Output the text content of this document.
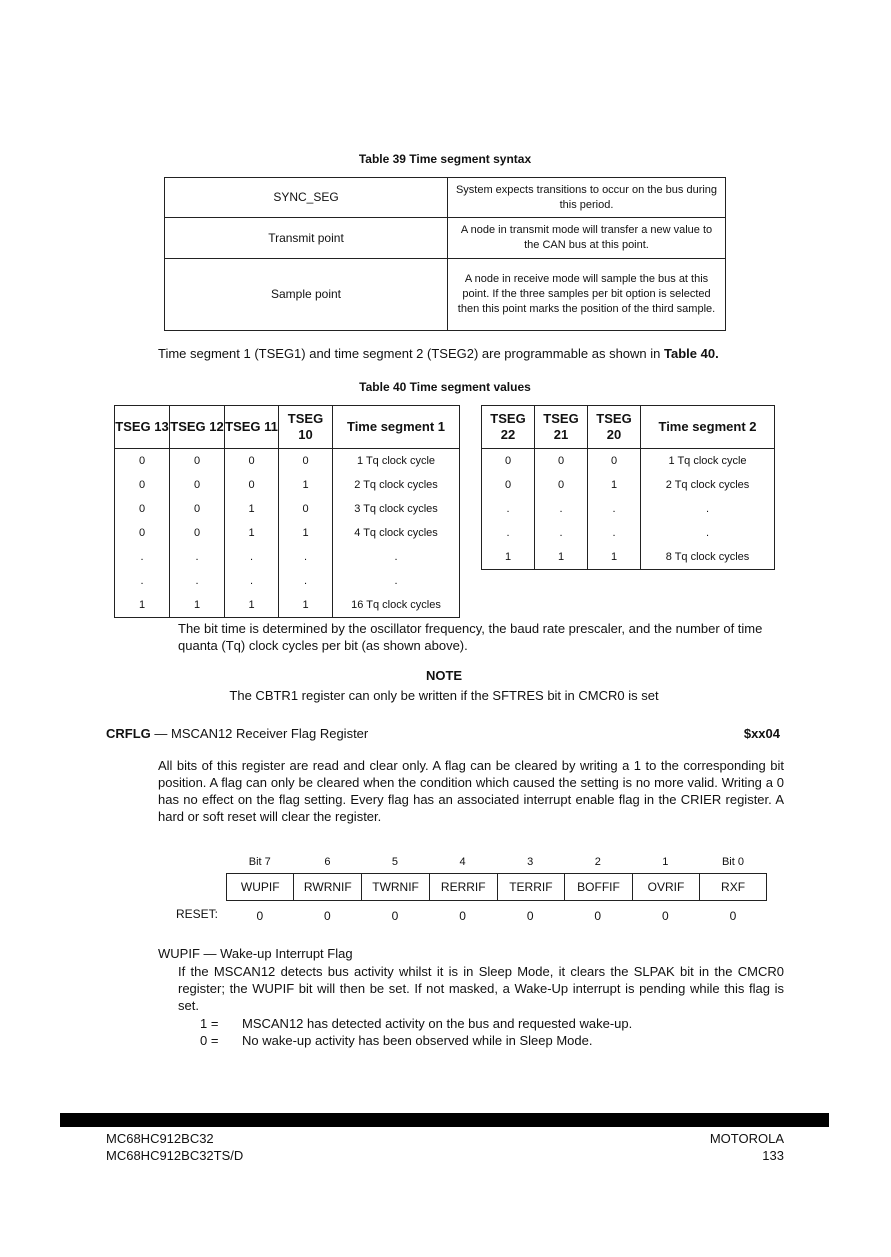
Table 39 Time segment syntax
SYNC_SEG	System expects transitions to occur on the bus during this period.
Transmit point	A node in transmit mode will transfer a new value to the CAN bus at this point.
Sample point	A node in receive mode will sample the bus at this point. If the three samples per bit option is selected then this point marks the position of the third sample.
Time segment 1 (TSEG1) and time segment 2 (TSEG2) are programmable as shown in Table 40.
Table 40 Time segment values
TSEG 13	TSEG 12	TSEG 11	TSEG 10	Time segment 1
0	0	0	0	1 Tq clock cycle
0	0	0	1	2 Tq clock cycles
0	0	1	0	3 Tq clock cycles
0	0	1	1	4 Tq clock cycles
.	.	.	.	.
.	.	.	.	.
1	1	1	1	16 Tq clock cycles
TSEG 22	TSEG 21	TSEG 20	Time segment 2
0	0	0	1 Tq clock cycle
0	0	1	2 Tq clock cycles
.	.	.	.
.	.	.	.
1	1	1	8 Tq clock cycles
The bit time is determined by the oscillator frequency, the baud rate prescaler, and the number of time quanta (Tq) clock cycles per bit (as shown above).
NOTE
The CBTR1 register can only be written if the SFTRES bit in CMCR0 is set
CRFLG — MSCAN12 Receiver Flag Register	$xx04
All bits of this register are read and clear only. A flag can be cleared by writing a 1 to the corresponding bit position. A flag can only be cleared when the condition which caused the setting is no more valid. Writing a 0 has no effect on the flag setting. Every flag has an associated interrupt enable flag in the CRIER register. A hard or soft reset will clear the register.
Bit 7	6	5	4	3	2	1	Bit 0
WUPIF	RWRNIF	TWRNIF	RERRIF	TERRIF	BOFFIF	OVRIF	RXF
RESET:	0	0	0	0	0	0	0	0
WUPIF — Wake-up Interrupt Flag
If the MSCAN12 detects bus activity whilst it is in Sleep Mode, it clears the SLPAK bit in the CMCR0 register; the WUPIF bit will then be set. If not masked, a Wake-Up interrupt is pending while this flag is set.
1 = MSCAN12 has detected activity on the bus and requested wake-up.
0 = No wake-up activity has been observed while in Sleep Mode.
MC68HC912BC32
MC68HC912BC32TS/D
MOTOROLA
133
